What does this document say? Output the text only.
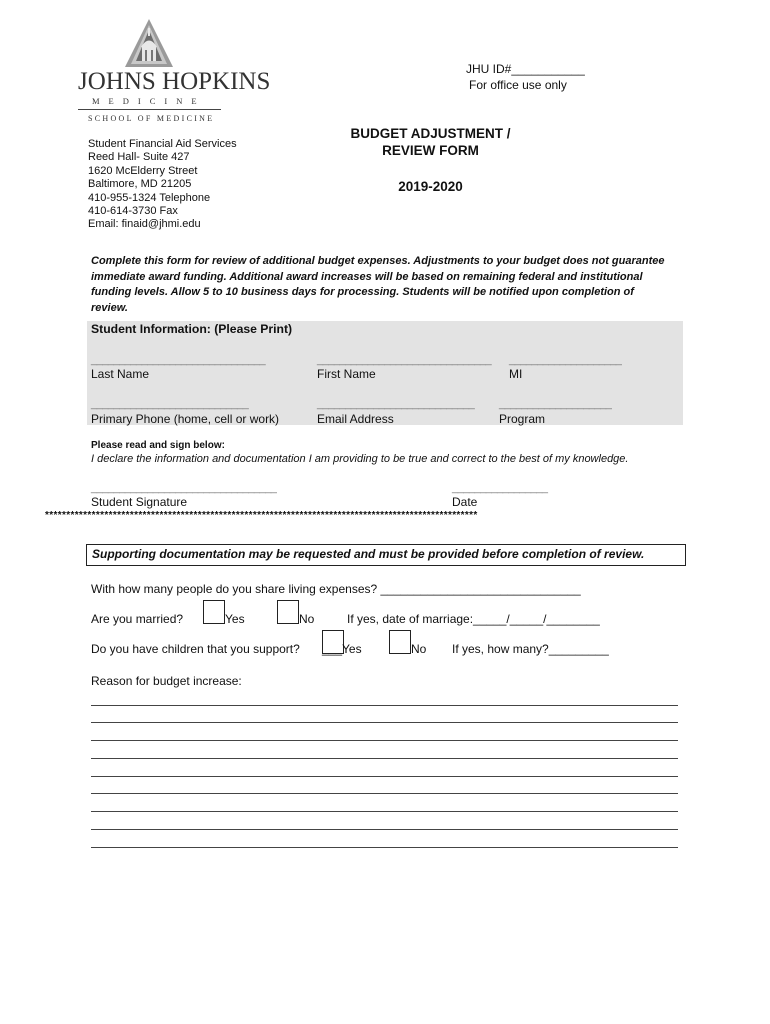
JOHNS HOPKINS
MEDICINE
SCHOOL OF MEDICINE
JHU ID#___________
For office use only
Student Financial Aid Services
Reed Hall- Suite 427
1620 McElderry Street
Baltimore, MD 21205
410-955-1324 Telephone
410-614-3730 Fax
Email: finaid@jhmi.edu
BUDGET ADJUSTMENT /
REVIEW FORM
2019-2020
Complete this form for review of additional budget expenses. Adjustments to your budget does not guarantee immediate award funding. Additional award increases will be based on remaining federal and institutional funding levels. Allow 5 to 10 business days for processing. Students will be notified upon completion of review.
Student Information: (Please Print)
_______________________________	_______________________________ ____________________
Last Name	First Name	MI
____________________________	____________________________ ____________________
Primary Phone (home, cell or work)	Email Address	Program
Please read and sign below:
I declare the information and documentation I am providing to be true and correct to the best of my knowledge.
_________________________________	_________________
Student Signature	Date
******************************************************************************************************
Supporting documentation may be requested and must be provided before completion of review.
With how many people do you share living expenses? ______________________________
Are you married?	Yes	No	If yes, date of marriage:_____/_____/________
Do you have children that you support? ___Yes	No If yes, how many?_________
Reason for budget increase:
